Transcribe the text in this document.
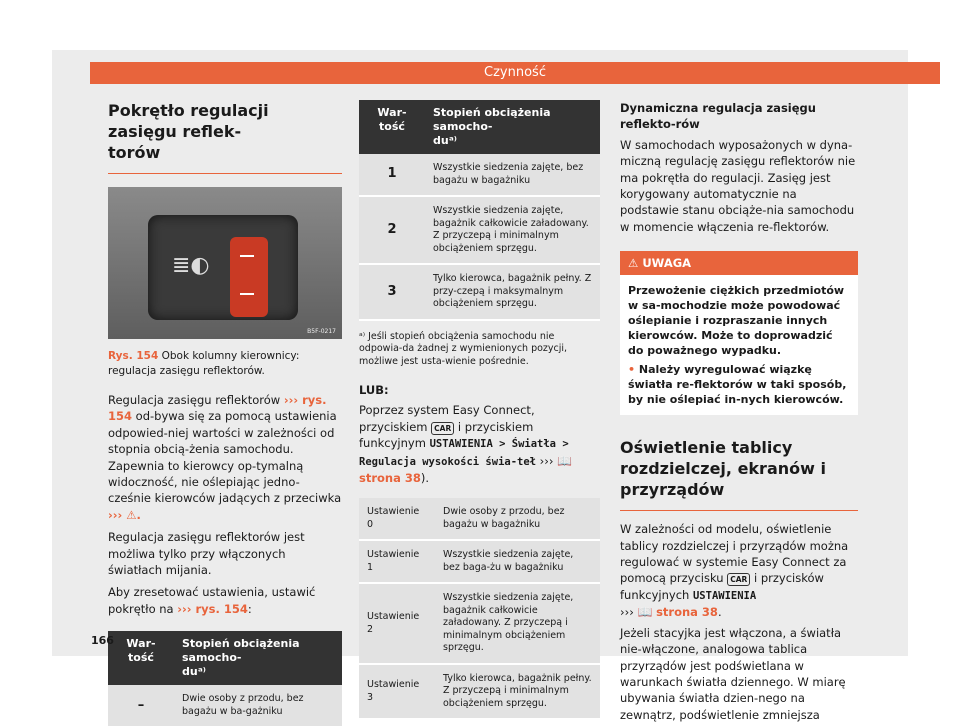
Czynność
Pokrętło regulacji zasięgu reflek-
torów
≣◐
B5F-0217

Rys. 154 Obok kolumny kierownicy: regulacja zasięgu reflektorów.

Regulacja zasięgu reflektorów ››› rys. 154 od-bywa się za pomocą ustawienia odpowied-niej wartości w zależności od stopnia obcią-żenia samochodu. Zapewnia to kierowcy op-tymalną widoczność, nie oślepiając jedno-cześnie kierowców jadących z przeciwka ››› ⚠.

Regulacja zasięgu reflektorów jest możliwa tylko przy włączonych światłach mijania.

Aby zresetować ustawienia, ustawić pokrętło na ››› rys. 154:

War-
tość	Stopień obciążenia samocho-
duᵃ⁾
–	Dwie osoby z przodu, bez bagażu w ba-gażniku
War-
tość	Stopień obciążenia samocho-
duᵃ⁾
1	Wszystkie siedzenia zajęte, bez bagażu w bagażniku
2	Wszystkie siedzenia zajęte, bagażnik całkowicie załadowany. Z przyczepą i minimalnym obciążeniem sprzęgu.
3	Tylko kierowca, bagażnik pełny. Z przy-czepą i maksymalnym obciążeniem sprzęgu.

ᵃ⁾ Jeśli stopień obciążenia samochodu nie odpowia-da żadnej z wymienionych pozycji, możliwe jest usta-wienie pośrednie.

LUB:

Poprzez system Easy Connect, przyciskiem CAR i przyciskiem funkcyjnym USTAWIENIA > Światła > Regulacja wysokości świa-teł ››› 📖 strona 38).

Ustawienie 0	Dwie osoby z przodu, bez bagażu w bagażniku
Ustawienie 1	Wszystkie siedzenia zajęte, bez baga-żu w bagażniku
Ustawienie 2	Wszystkie siedzenia zajęte, bagażnik całkowicie załadowany. Z przyczepą i minimalnym obciążeniem sprzęgu.
Ustawienie 3	Tylko kierowca, bagażnik pełny. Z przyczepą i minimalnym obciążeniem sprzęgu.

Dynamiczna regulacja zasięgu reflekto-rów

W samochodach wyposażonych w dyna-miczną regulację zasięgu reflektorów nie ma pokrętła do regulacji. Zasięg jest korygowany automatycznie na podstawie stanu obciąże-nia samochodu w momencie włączenia re-flektorów.

⚠ UWAGA
Przewożenie ciężkich przedmiotów w sa-mochodzie może powodować oślepianie i rozpraszanie innych kierowców. Może to doprowadzić do poważnego wypadku.
• Należy wyregulować wiązkę światła re-flektorów w taki sposób, by nie oślepiać in-nych kierowców.
Oświetlenie tablicy rozdzielczej, ekranów i przyrządów

W zależności od modelu, oświetlenie tablicy rozdzielczej i przyrządów można regulować w systemie Easy Connect za pomocą przycisku CAR i przycisków funkcyjnych USTAWIENIA
››› 📖 strona 38.

Jeżeli stacyjka jest włączona, a światła nie-włączone, analogowa tablica przyrządów jest podświetlana w warunkach światła dziennego. W miarę ubywania światła dzien-nego na zewnątrz, podświetlenie zmniejsza

166
